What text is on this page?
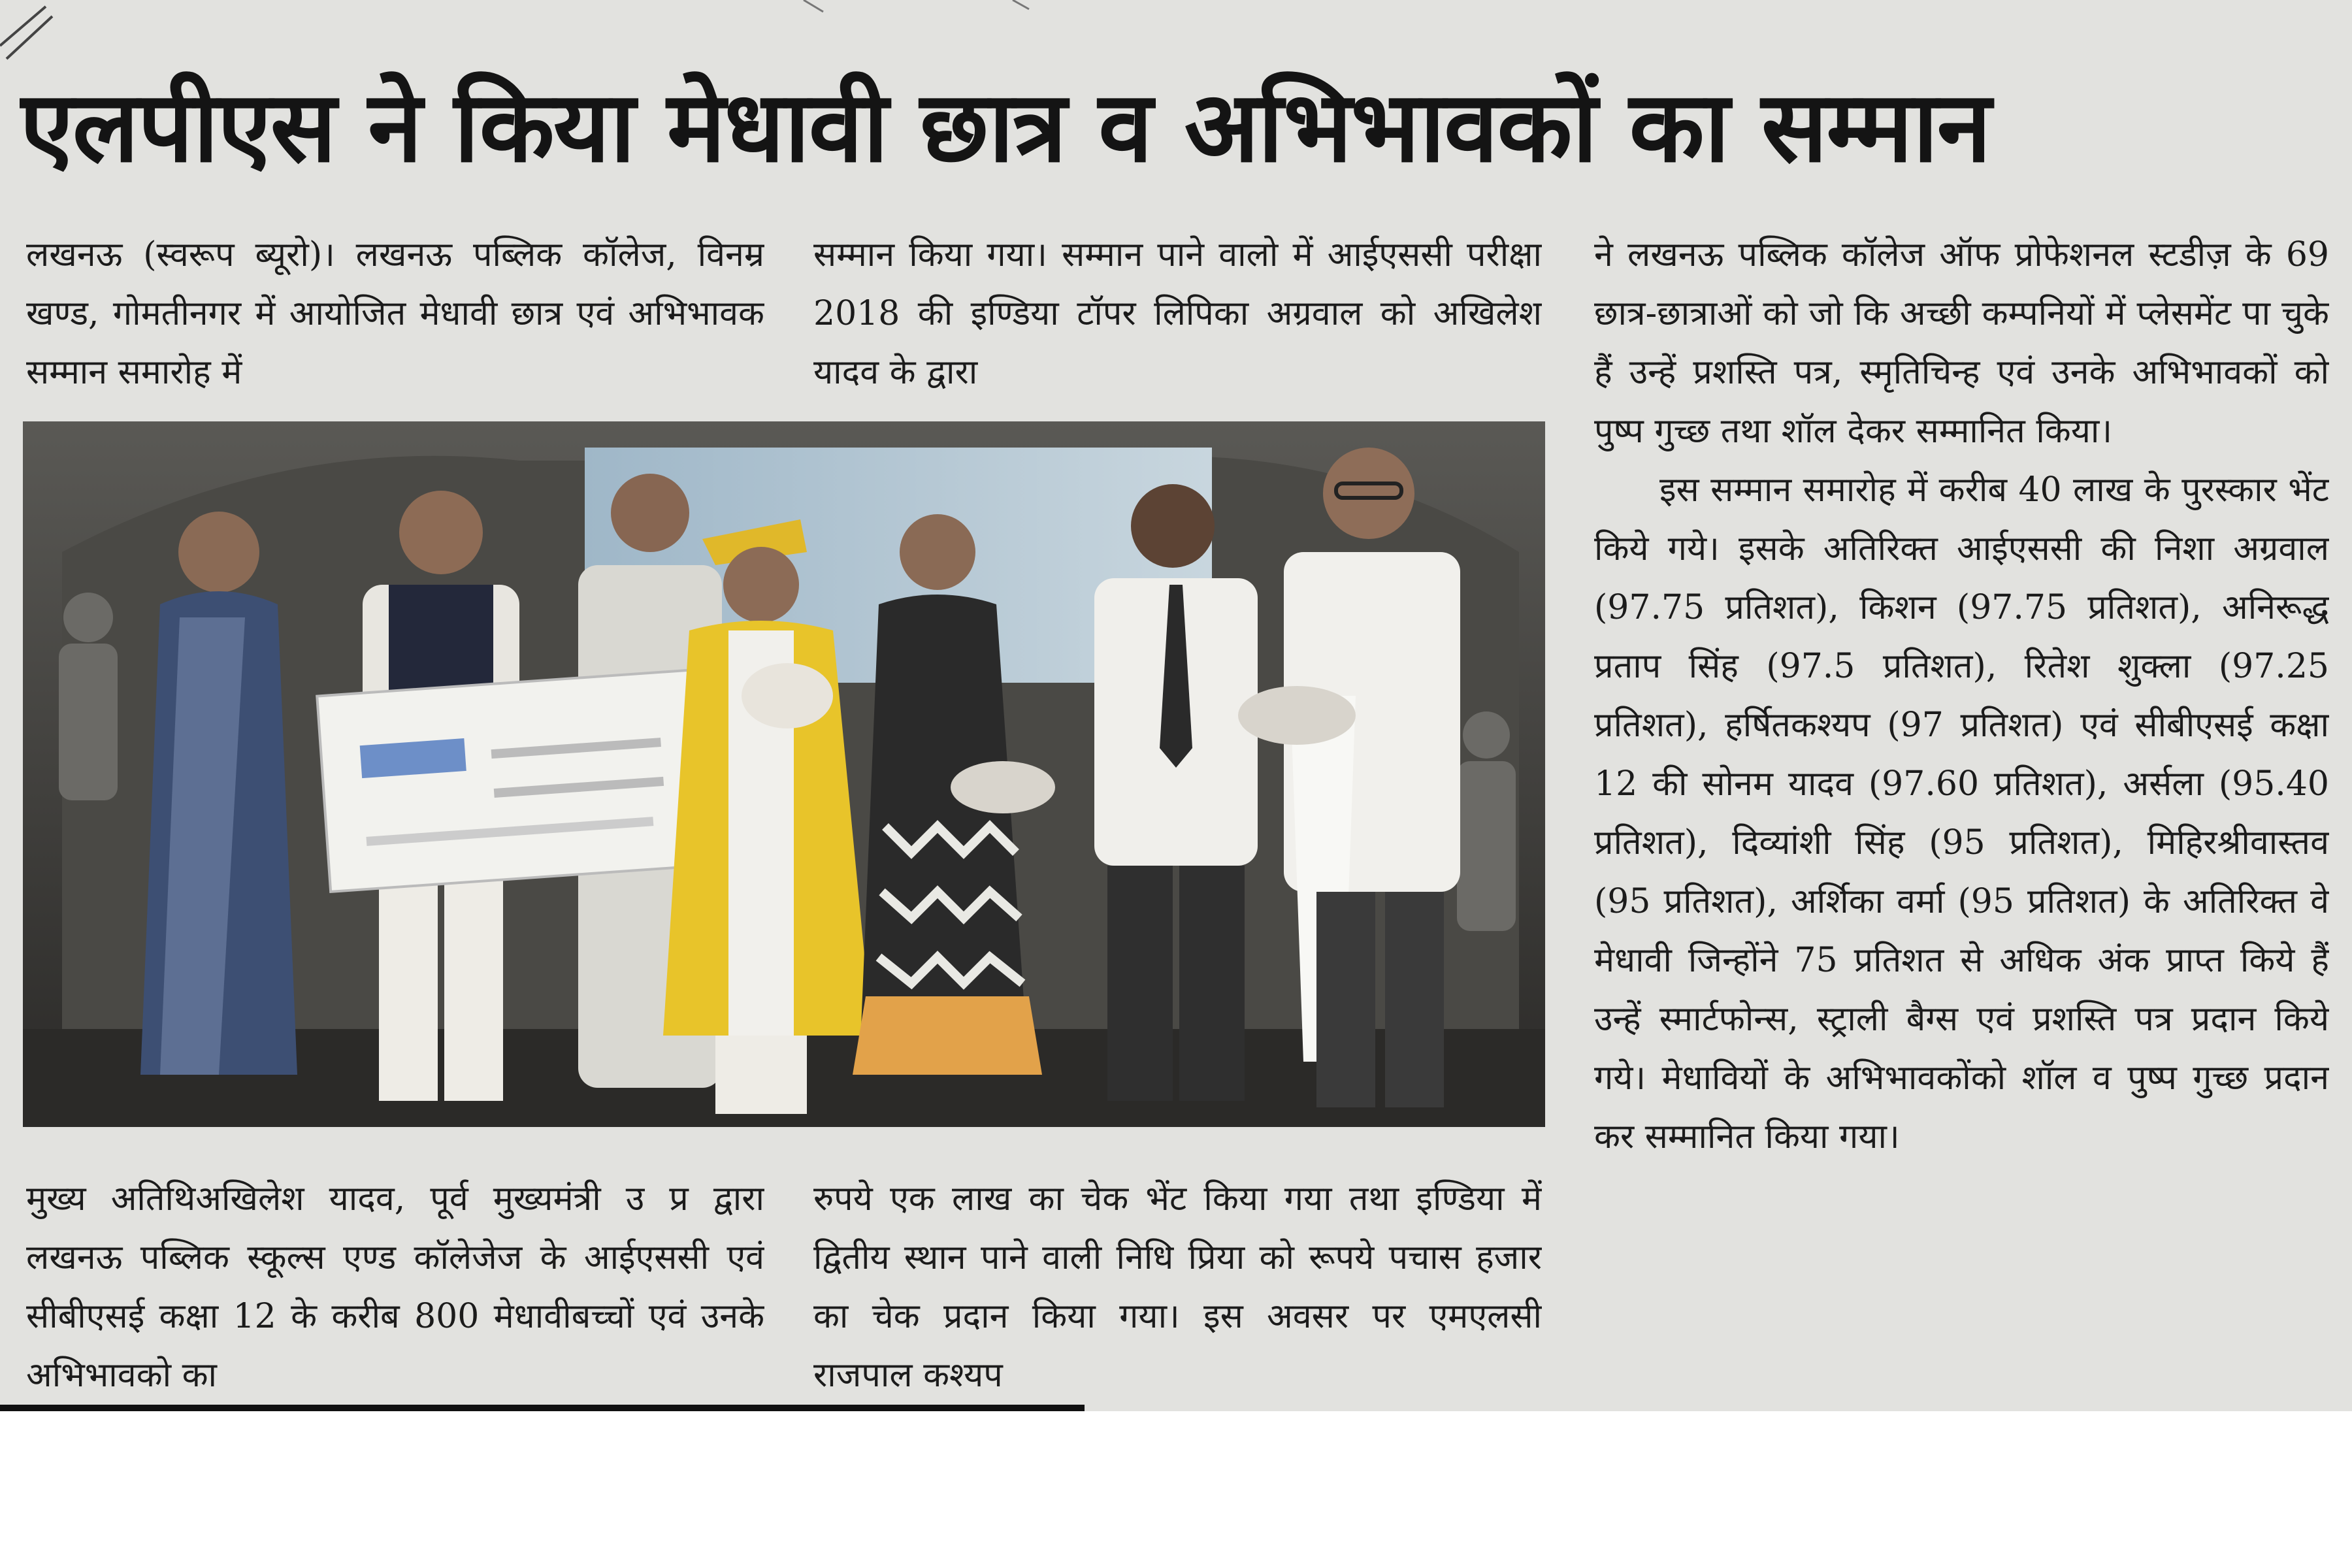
एलपीएस ने किया मेधावी छात्र व अभिभावकों का सम्मान

लखनऊ (स्वरूप ब्यूरो)। लखनऊ पब्लिक कॉलेज, विनम्र खण्ड, गोमतीनगर में आयोजित मेधावी छात्र एवं अभिभावक सम्मान समारोह में

सम्मान किया गया। सम्मान पाने वालो में आईएससी परीक्षा 2018 की इण्डिया टॉपर लिपिका अग्रवाल को अखिलेश यादव के द्वारा

मुख्य अतिथिअखिलेश यादव, पूर्व मुख्यमंत्री उ प्र द्वारा लखनऊ पब्लिक स्कूल्स एण्ड कॉलेजेज के आईएससी एवं सीबीएसई कक्षा 12 के करीब 800 मेधावीबच्चों एवं उनके अभिभावको का

रुपये एक लाख का चेक भेंट किया गया तथा इण्डिया में द्वितीय स्थान पाने वाली निधि प्रिया को रूपये पचास हजार का चेक प्रदान किया गया। इस अवसर पर एमएलसी राजपाल कश्यप

ने लखनऊ पब्लिक कॉलेज ऑफ प्रोफेशनल स्टडीज़ के 69 छात्र-छात्राओं को जो कि अच्छी कम्पनियों में प्लेसमेंट पा चुके हैं उन्हें प्रशस्ति पत्र, स्मृतिचिन्ह एवं उनके अभिभावकों को पुष्प गुच्छ तथा शॉल देकर सम्मानित किया।

इस सम्मान समारोह में करीब 40 लाख के पुरस्कार भेंट किये गये। इसके अतिरिक्त आईएससी की निशा अग्रवाल (97.75 प्रतिशत), किशन (97.75 प्रतिशत), अनिरूद्ध प्रताप सिंह (97.5 प्रतिशत), रितेश शुक्ला (97.25 प्रतिशत), हर्षितकश्यप (97 प्रतिशत) एवं सीबीएसई कक्षा 12 की सोनम यादव (97.60 प्रतिशत), अर्सला (95.40 प्रतिशत), दिव्यांशी सिंह (95 प्रतिशत), मिहिरश्रीवास्तव (95 प्रतिशत), अर्शिका वर्मा (95 प्रतिशत) के अतिरिक्त वे मेधावी जिन्होंने 75 प्रतिशत से अधिक अंक प्राप्त किये हैं उन्हें स्मार्टफोन्स, स्ट्राली बैग्स एवं प्रशस्ति पत्र प्रदान किये गये। मेधावियों के अभिभावकोंको शॉल व पुष्प गुच्छ प्रदान कर सम्मानित किया गया।
